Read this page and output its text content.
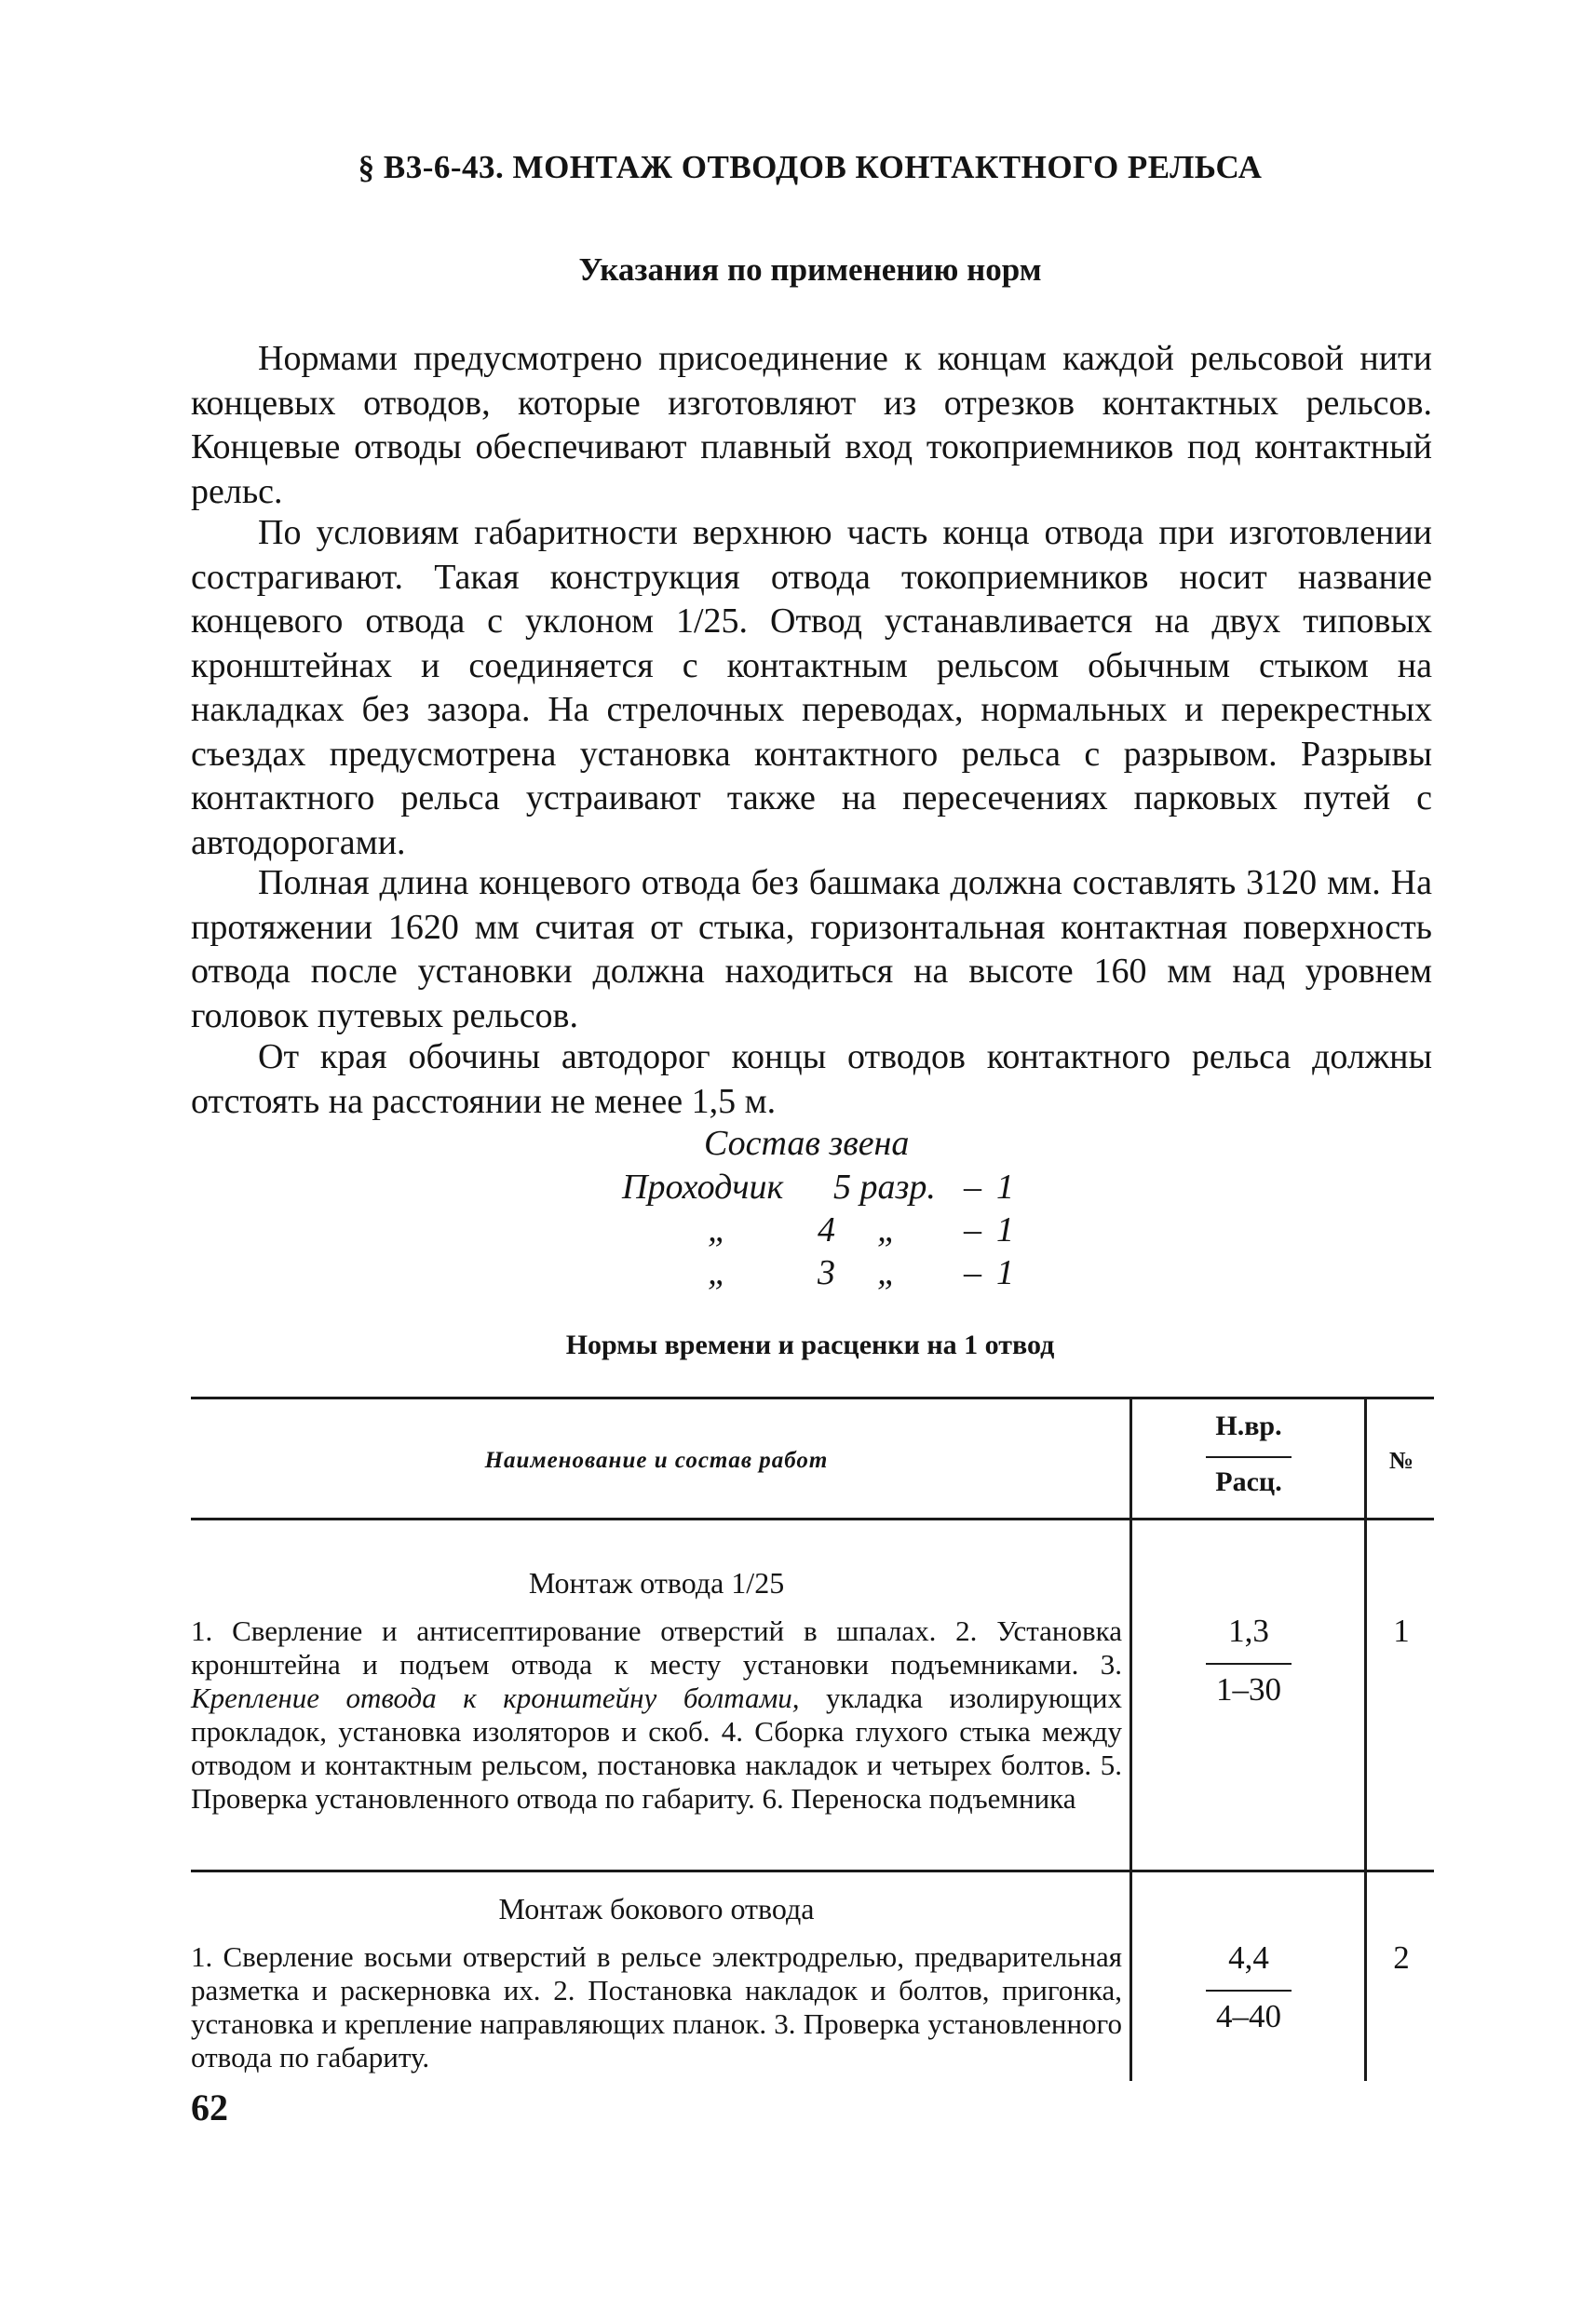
§ В3-6-43. МОНТАЖ ОТВОДОВ КОНТАКТНОГО РЕЛЬСА
Указания по применению норм

Нормами предусмотрено присоединение к концам каждой рельсовой нити концевых отводов, которые изготовляют из отрезков контактных рельсов. Концевые отводы обеспечивают плавный вход токоприемников под контактный рельс.

По условиям габаритности верхнюю часть конца отвода при изготовлении сострагивают. Такая конструкция отвода токоприемников носит название концевого отвода с уклоном 1/25. Отвод устанавливается на двух типовых кронштейнах и соединяется с контактным рельсом обычным стыком на накладках без зазора. На стрелочных переводах, нормальных и перекрестных съездах предусмотрена установка контактного рельса с разрывом. Разрывы контактного рельса устраивают также на пересечениях парковых путей с автодорогами.

Полная длина концевого отвода без башмака должна составлять 3120 мм. На протяжении 1620 мм считая от стыка, горизонтальная контактная поверхность отвода после установки должна находиться на высоте 160 мм над уровнем головок путевых рельсов.

От края обочины автодорог концы отводов контактного рельса должны отстоять на расстоянии не менее 1,5 м.

Состав звена
Проходчик 5 разр. – 1
„	4 „ – 1
„	3 „ – 1
Нормы времени и расценки на 1 отвод
Наименование и состав работ
Н.вр.
Расц.
№
Монтаж отвода 1/25

1. Сверление и антисептирование отверстий в шпалах. 2. Установка кронштейна и подъем отвода к месту установки подъемниками. 3. Крепление отвода к кронштейну болтами, укладка изолирующих прокладок, установка изоляторов и скоб. 4. Сборка глухого стыка между отводом и контактным рельсом, постановка накладок и четырех болтов. 5. Проверка установленного отвода по габариту. 6. Переноска подъемника

1,3
1–30
1
Монтаж бокового отвода

1. Сверление восьми отверстий в рельсе электродрелью, предварительная разметка и раскерновка их. 2. Постановка накладок и болтов, пригонка, установка и крепление направляющих планок. 3. Проверка установленного отвода по габариту.

4,4
4–40
2
62
